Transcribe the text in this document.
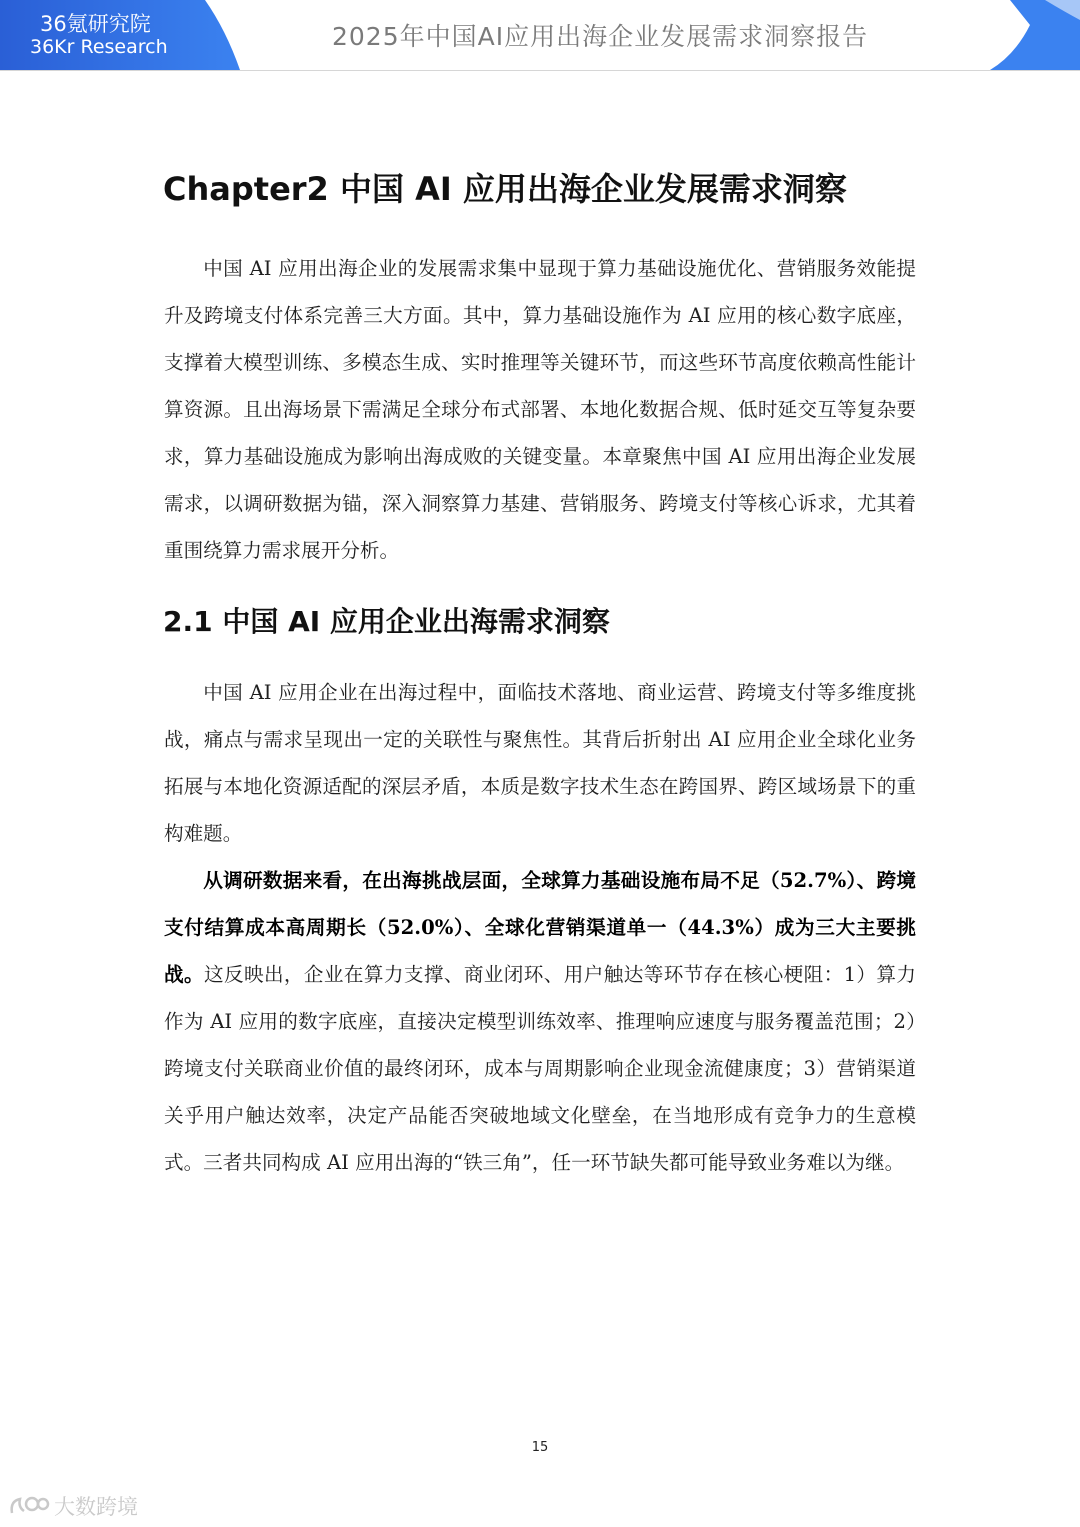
36氪研究院
36Kr Research	2025年中国AI应用出海企业发展需求洞察报告
Chapter2 中国 AI 应用出海企业发展需求洞察

中国 AI 应用出海企业的发展需求集中显现于算力基础设施优化、营销服务效能提升及跨境支付体系完善三大方面。其中，算力基础设施作为 AI 应用的核心数字底座，支撑着大模型训练、多模态生成、实时推理等关键环节，而这些环节高度依赖高性能计算资源。且出海场景下需满足全球分布式部署、本地化数据合规、低时延交互等复杂要求，算力基础设施成为影响出海成败的关键变量。本章聚焦中国 AI 应用出海企业发展需求，以调研数据为锚，深入洞察算力基建、营销服务、跨境支付等核心诉求，尤其着重围绕算力需求展开分析。

2.1 中国 AI 应用企业出海需求洞察

中国 AI 应用企业在出海过程中，面临技术落地、商业运营、跨境支付等多维度挑战，痛点与需求呈现出一定的关联性与聚焦性。其背后折射出 AI 应用企业全球化业务拓展与本地化资源适配的深层矛盾，本质是数字技术生态在跨国界、跨区域场景下的重构难题。

从调研数据来看，在出海挑战层面，全球算力基础设施布局不足（52.7%）、跨境支付结算成本高周期长（52.0%）、全球化营销渠道单一（44.3%）成为三大主要挑战。这反映出，企业在算力支撑、商业闭环、用户触达等环节存在核心梗阻：1）算力作为 AI 应用的数字底座，直接决定模型训练效率、推理响应速度与服务覆盖范围；2）跨境支付关联商业价值的最终闭环，成本与周期影响企业现金流健康度；3）营销渠道关乎用户触达效率，决定产品能否突破地域文化壁垒，在当地形成有竞争力的生意模式。三者共同构成 AI 应用出海的“铁三角”，任一环节缺失都可能导致业务难以为继。

15
大数跨境
